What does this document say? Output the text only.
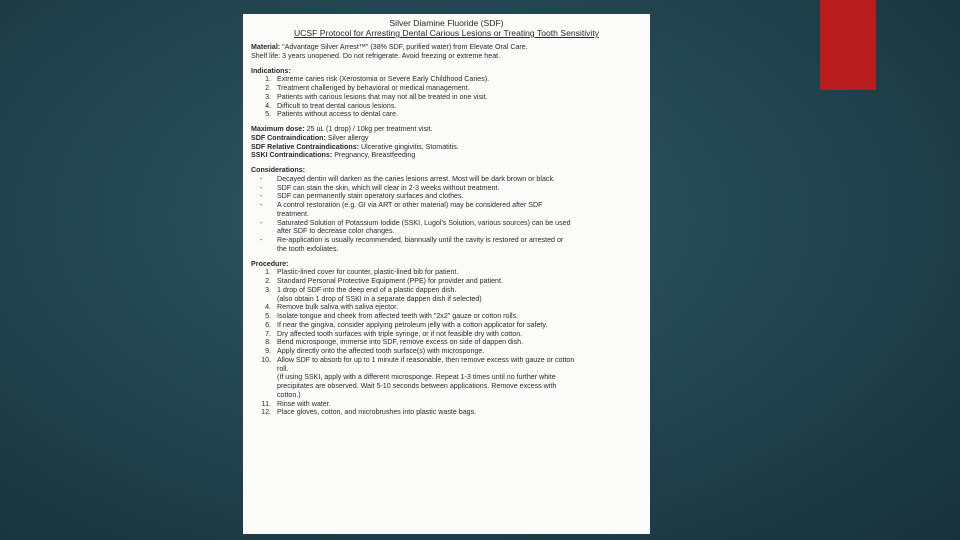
Silver Diamine Fluoride (SDF)
UCSF Protocol for Arresting Dental Carious Lesions or Treating Tooth Sensitivity
Material: "Advantage Silver Arrest™" (38% SDF, purified water) from Elevate Oral Care.
Shelf life: 3 years unopened. Do not refrigerate. Avoid freezing or extreme heat.
Indications:
1. Extreme caries risk (Xerostomia or Severe Early Childhood Caries).
2. Treatment challenged by behavioral or medical management.
3. Patients with carious lesions that may not all be treated in one visit.
4. Difficult to treat dental carious lesions.
5. Patients without access to dental care.
Maximum dose: 25 uL (1 drop) / 10kg per treatment visit.
SDF Contraindication: Silver allergy
SDF Relative Contraindications: Ulcerative gingivitis, Stomatitis.
SSKI Contraindications: Pregnancy, Breastfeeding
Considerations:
-	Decayed dentin will darken as the caries lesions arrest. Most will be dark brown or black.
-	SDF can stain the skin, which will clear in 2-3 weeks without treatment.
-	SDF can permanently stain operatory surfaces and clothes.
-	A control restoration (e.g. GI via ART or other material) may be considered after SDF
treatment.
-	Saturated Solution of Potassium Iodide (SSKI, Lugol's Solution, various sources) can be used
after SDF to decrease color changes.
-	Re-application is usually recommended, biannually until the cavity is restored or arrested or
the tooth exfoliates.
Procedure:
1. Plastic-lined cover for counter, plastic-lined bib for patient.
2. Standard Personal Protective Equipment (PPE) for provider and patient.
3. 1 drop of SDF into the deep end of a plastic dappen dish.
(also obtain 1 drop of SSKI in a separate dappen dish if selected)
4. Remove bulk saliva with saliva ejector.
5. Isolate tongue and cheek from affected teeth with "2x2" gauze or cotton rolls.
6. If near the gingiva, consider applying petroleum jelly with a cotton applicator for safety.
7. Dry affected tooth surfaces with triple syringe, or if not feasible dry with cotton.
8. Bend microsponge, immerse into SDF, remove excess on side of dappen dish.
9. Apply directly onto the affected tooth surface(s) with microsponge.
10. Allow SDF to absorb for up to 1 minute if reasonable, then remove excess with gauze or cotton
roll.
(If using SSKI, apply with a different microsponge. Repeat 1-3 times until no further white
precipitates are observed. Wait 5-10 seconds between applications. Remove excess with
cotton.)
11. Rinse with water.
12. Place gloves, cotton, and microbrushes into plastic waste bags.
